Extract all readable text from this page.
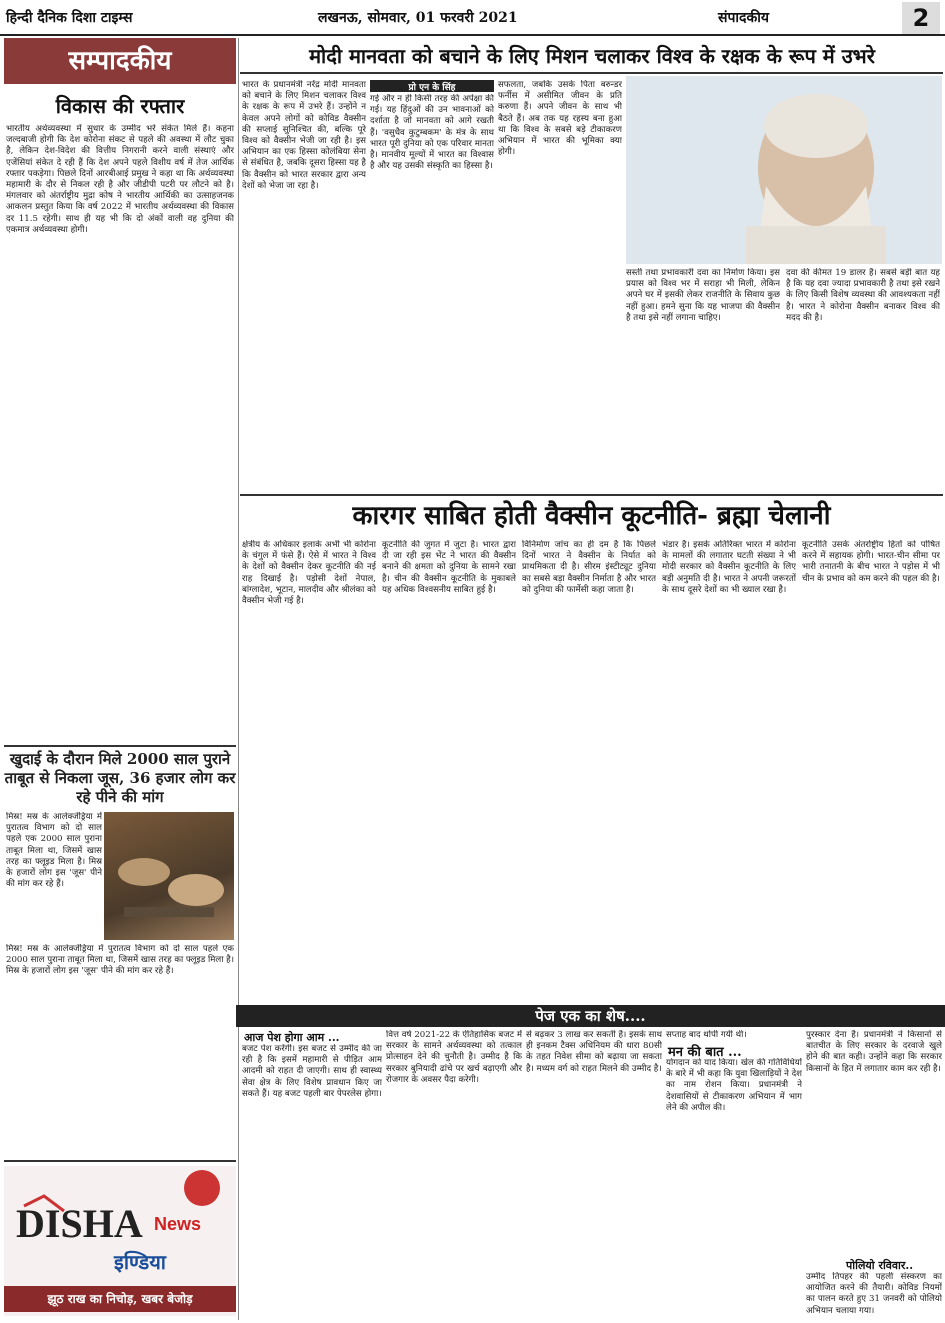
हिन्दी दैनिक दिशा टाइम्स	लखनऊ, सोमवार, 01 फरवरी 2021	संपादकीय	2
सम्पादकीय	मोदी मानवता को बचाने के लिए मिशन चलाकर विश्व के रक्षक के रूप में उभरे
विकास की रफ्तार
भारतीय अर्थव्यवस्था में सुधार के उम्मीद भरे संकेत मिले हैं। कहना जल्दबाजी होगी कि देश कोरोना संकट से पहले की अवस्था में लौट चुका है, लेकिन देश-विदेश की वित्तीय निगरानी करने वाली संस्थाएं और एजेंसियां संकेत दे रही हैं कि देश अपने पहले विशीय वर्ष में तेज आर्थिक रफ्तार पकड़ेगा। पिछले दिनों आरबीआई प्रमुख ने कहा था कि अर्थव्यवस्था महामारी के दौर से निकल रही है और जीडीपी पटरी पर लौटने को है। मंगलवार को अंतर्राष्ट्रीय मुद्रा कोष ने भारतीय आर्थिकी का उत्साहजनक आकलन प्रस्तुत किया कि वर्ष 2022 में भारतीय अर्थव्यवस्था की विकास दर 11.5 रहेगी। साथ ही यह भी कि दो अंकों वाली वह दुनिया की एकमात्र अर्थव्यवस्था होगी।
खुदाई के दौरान मिले 2000 साल पुराने ताबूत से निकला जूस, 36 हजार लोग कर रहे पीने की मांग
मिस्र! मस्र के आलेक्जेंड्रिया में पुरातत्व विभाग को दो साल पहले एक 2000 साल पुराना ताबूत मिला था, जिसमें खास तरह का फ्लूइड मिला है। मिस्र के हजारों लोग इस 'जूस' पीने की मांग कर रहे हैं।
मिस्र! मस्र के आलेक्जेंड्रिया में पुरातत्व विभाग को दो साल पहले एक 2000 साल पुराना ताबूत मिला था, जिसमें खास तरह का फ्लूइड मिला है। मिस्र के हजारों लोग इस 'जूस' पीने की मांग कर रहे हैं।
DISHA News
इण्डिया
झूठ राख का निचोड़, खबर बेजोड़
भारत के प्रधानमंत्री नरेंद्र मोदी मानवता को बचाने के लिए मिशन चलाकर विश्व के रक्षक के रूप में उभरे हैं। उन्होंने न केवल अपने लोगों को कोविड वैक्सीन की सप्लाई सुनिश्चित की, बल्कि पूरे विश्व को वैक्सीन भेजी जा रही है। इस अभियान का एक हिस्सा कोलंबिया सेना से संबंधित है, जबकि दूसरा हिस्सा यह है कि वैक्सीन को भारत सरकार द्वारा अन्य देशों को भेजा जा रहा है।
प्रो एन के सिंह
गई और न ही किसी तरह की अपेक्षा की गई। यह हिंदुओं की उन भावनाओं को दर्शाता है जो मानवता को आगे रखती हैं। 'वसुधैव कुटुम्बकम' के मंत्र के साथ भारत पूरी दुनिया को एक परिवार मानता है। मानवीय मूल्यों में भारत का विश्वास है और यह उसकी संस्कृति का हिस्सा है।
सफलता, जबकि उसके पिता बरुन्डर फर्नीस में असीमित जीवन के प्रति करुणा हैं। अपने जीवन के साथ भी बैठते हैं। अब तक यह रहस्य बना हुआ था कि विश्व के सबसे बड़े टीकाकरण अभियान में भारत की भूमिका क्या होगी।
सस्ती तथा प्रभावकारी दवा का निर्माण किया। इस प्रयास को विश्व भर में सराहा भी मिली, लेकिन अपने घर में इसकी लेकर राजनीति के सिवाय कुछ नहीं हुआ। हमने सुना कि यह भाजपा की वैक्सीन है तथा इसे नहीं लगाना चाहिए।
दवा की कीमत 19 डालर है। सबसे बड़ी बात यह है कि यह दवा ज्यादा प्रभावकारी है तथा इसे रखने के लिए किसी विशेष व्यवस्था की आवश्यकता नहीं है। भारत ने कोरोना वैक्सीन बनाकर विश्व की मदद की है।
कारगर साबित होती वैक्सीन कूटनीति- ब्रह्मा चेलानी
क्षेत्रीय के अधिकार इलाके अभी भी कोरोना के चंगुल में फंसे हैं। ऐसे में भारत ने विश्व के देशों को वैक्सीन देकर कूटनीति की नई राह दिखाई है। पड़ोसी देशों नेपाल, बांग्लादेश, भूटान, मालदीव और श्रीलंका को वैक्सीन भेजी गई है।
कूटनीति की जुगत में जुटा है। भारत द्वारा दी जा रही इस भेंट ने भारत की वैक्सीन बनाने की क्षमता को दुनिया के सामने रखा है। चीन की वैक्सीन कूटनीति के मुकाबले यह अधिक विश्वसनीय साबित हुई है।
विनिर्माण जांच का ही दम है कि पिछले दिनों भारत ने वैक्सीन के निर्यात को प्राथमिकता दी है। सीरम इंस्टीट्यूट दुनिया का सबसे बड़ा वैक्सीन निर्माता है और भारत को दुनिया की फार्मेसी कहा जाता है।
भंडार है। इसके अतिरिक्त भारत में कोरोना के मामलों की लगातार घटती संख्या ने भी मोदी सरकार को वैक्सीन कूटनीति के लिए बड़ी अनुमति दी है। भारत ने अपनी जरूरतों के साथ दूसरे देशों का भी ख्याल रखा है।
कूटनीति उसके अंतर्राष्ट्रीय हितों को पोषित करने में सहायक होगी। भारत-चीन सीमा पर भारी तनातनी के बीच भारत ने पड़ोस में भी चीन के प्रभाव को कम करने की पहल की है।
पेज एक का शेष....
आज पेश होगा आम ...
बजट पेश करेंगी। इस बजट से उम्मीद की जा रही है कि इसमें महामारी से पीड़ित आम आदमी को राहत दी जाएगी। साथ ही स्वास्थ्य सेवा क्षेत्र के लिए विशेष प्रावधान किए जा सकते हैं। यह बजट पहली बार पेपरलेस होगा।
वित्त वर्ष 2021-22 के ऐतिहासिक बजट में सरकार के सामने अर्थव्यवस्था को तत्काल प्रोत्साहन देने की चुनौती है। उम्मीद है कि सरकार बुनियादी ढांचे पर खर्च बढ़ाएगी और रोजगार के अवसर पैदा करेगी।
से बढ़कर 3 लाख कर सकती है। इसके साथ ही इनकम टैक्स अधिनियम की धारा 80सी के तहत निवेश सीमा को बढ़ाया जा सकता है। मध्यम वर्ग को राहत मिलने की उम्मीद है।
सप्ताह बाद थोपी गयी थी।
मन की बात ...
योगदान को याद किया। खेल की गतिविधियों के बारे में भी कहा कि युवा खिलाड़ियों ने देश का नाम रोशन किया। प्रधानमंत्री ने देशवासियों से टीकाकरण अभियान में भाग लेने की अपील की।
पुरस्कार देना है। प्रधानमंत्री ने किसानों से बातचीत के लिए सरकार के दरवाजे खुले होने की बात कही। उन्होंने कहा कि सरकार किसानों के हित में लगातार काम कर रही है।
पोलियो रविवार..
उम्मीद तिपहर की पहली संस्करण का आयोजित करने की तैयारी। कोविड नियमों का पालन करते हुए 31 जनवरी को पोलियो अभियान चलाया गया।
